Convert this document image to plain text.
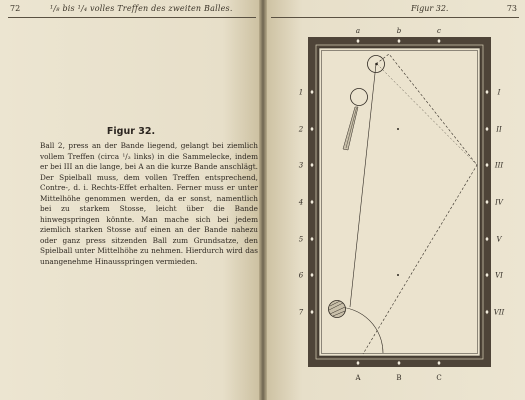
72	¹/₈ bis ¹/₄ volles Treffen des zweiten Balles.
Figur 32.

Ball 2, press an der Bande liegend, gelangt bei ziemlich vollem Treffen (circa ¹/₃ links) in die Sammelecke, indem er bei III an die lange, bei A an die kurze Bande anschlägt. Der Spielball muss, dem vollen Treffen entsprechend, Contre-, d. i. Rechts-Effet erhalten. Ferner muss er unter Mittelhöhe genommen werden, da er sonst, namentlich bei zu starkem Stosse, leicht über die Bande hinwegspringen könnte. Man mache sich bei jedem ziemlich starken Stosse auf einen an der Bande nahezu oder ganz press sitzenden Ball zum Grundsatze, den Spielball unter Mittelhöhe zu nehmen. Hierdurch wird das unangenehme Hinausspringen vermieden.

Figur 32.	73
a	b	c
A	B	C
1
2
3
4
5
6
7
I
II
III
IV
V
VI
VII
